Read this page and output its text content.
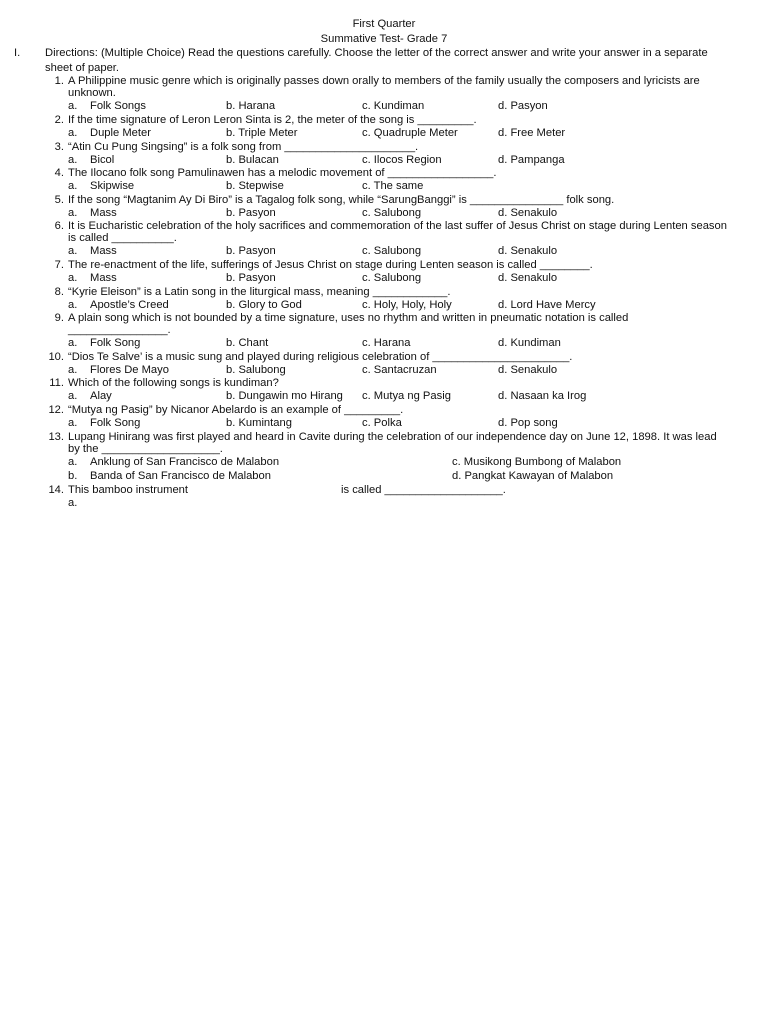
First Quarter
Summative Test- Grade 7
I. Directions: (Multiple Choice) Read the questions carefully. Choose the letter of the correct answer and write your answer in a separate sheet of paper.
1. A Philippine music genre which is originally passes down orally to members of the family usually the composers and lyricists are unknown.
a. Folk Songs	b. Harana	c. Kundiman	d. Pasyon
2. If the time signature of Leron Leron Sinta is 2, the meter of the song is _________.
a. Duple Meter	b. Triple Meter	c. Quadruple Meter	d. Free Meter
3. “Atin Cu Pung Singsing” is a folk song from _____________________.
a. Bicol	b. Bulacan	c. Ilocos Region	d. Pampanga
4. The Ilocano folk song Pamulinawen has a melodic movement of _________________.
a. Skipwise	b. Stepwise	c. The same
5. If the song “Magtanim Ay Di Biro” is a Tagalog folk song, while “SarungBanggi” is _______________ folk song.
a. Mass	b. Pasyon	c. Salubong	d. Senakulo
6. It is Eucharistic celebration of the holy sacrifices and commemoration of the last suffer of Jesus Christ on stage during Lenten season is called __________.
a. Mass	b. Pasyon	c. Salubong	d. Senakulo
7. The re-enactment of the life, sufferings of Jesus Christ on stage during Lenten season is called ________.
a. Mass	b. Pasyon	c. Salubong	d. Senakulo
8. “Kyrie Eleison” is a Latin song in the liturgical mass, meaning ____________.
a. Apostle’s Creed	b. Glory to God	c. Holy, Holy, Holy	d. Lord Have Mercy
9. A plain song which is not bounded by a time signature, uses no rhythm and written in pneumatic notation is called ________________.
a. Folk Song	b. Chant	c. Harana	d. Kundiman
10. “Dios Te Salve’ is a music sung and played during religious celebration of ______________________.
a. Flores De Mayo	b. Salubong	c. Santacruzan	d. Senakulo
11. Which of the following songs is kundiman?
a. Alay	b. Dungawin mo Hirang c. Mutya ng Pasig	d. Nasaan ka Irog
12. “Mutya ng Pasig” by Nicanor Abelardo is an example of _________.
a. Folk Song	b. Kumintang	c. Polka	d. Pop song
13. Lupang Hinirang was first played and heard in Cavite during the celebration of our independence day on June 12, 1898. It was lead by the ___________________.
a. Anklung of San Francisco de Malabon	c. Musikong Bumbong of Malabon
b. Banda of San Francisco de Malabon	d. Pangkat Kawayan of Malabon
14. This bamboo instrument	is called ___________________.
a.
